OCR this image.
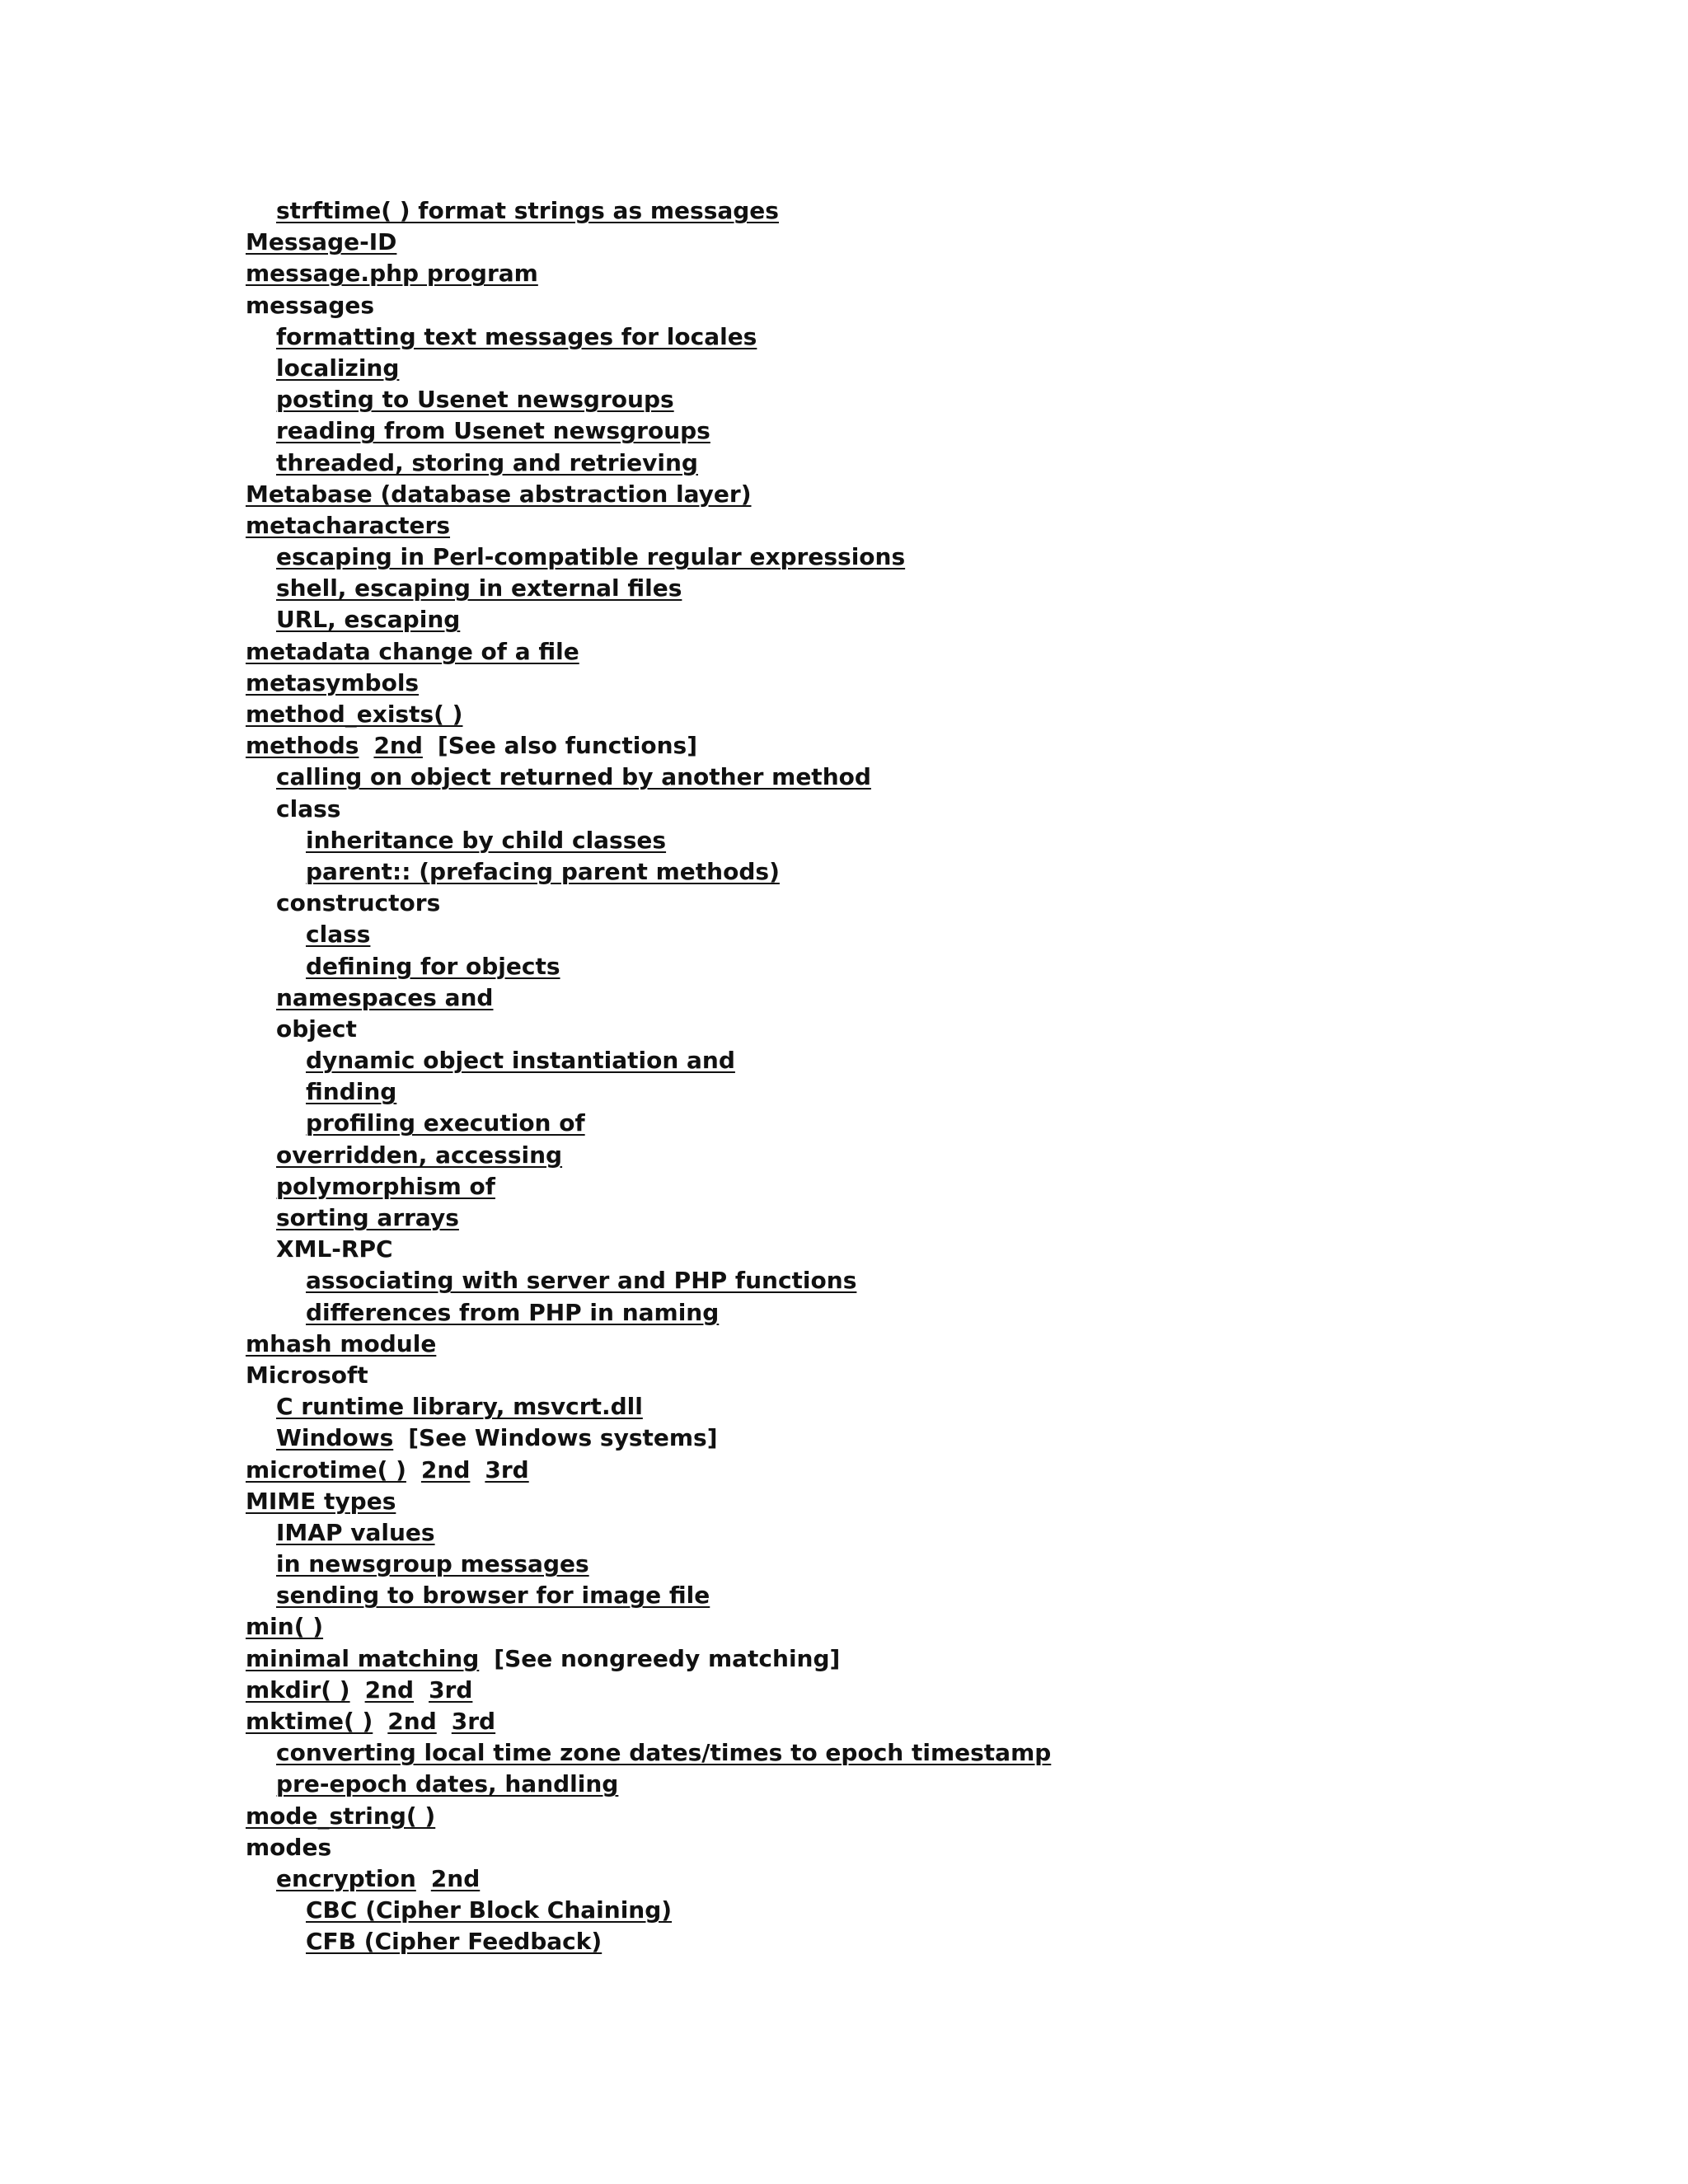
strftime( ) format strings as messages
Message-ID
message.php program
messages
formatting text messages for locales
localizing
posting to Usenet newsgroups
reading from Usenet newsgroups
threaded, storing and retrieving
Metabase (database abstraction layer)
metacharacters
escaping in Perl-compatible regular expressions
shell, escaping in external files
URL, escaping
metadata change of a file
metasymbols
method_exists( )
methods 2nd [See also functions]
calling on object returned by another method
class
inheritance by child classes
parent:: (prefacing parent methods)
constructors
class
defining for objects
namespaces and
object
dynamic object instantiation and
finding
profiling execution of
overridden, accessing
polymorphism of
sorting arrays
XML-RPC
associating with server and PHP functions
differences from PHP in naming
mhash module
Microsoft
C runtime library, msvcrt.dll
Windows [See Windows systems]
microtime( ) 2nd 3rd
MIME types
IMAP values
in newsgroup messages
sending to browser for image file
min( )
minimal matching [See nongreedy matching]
mkdir( ) 2nd 3rd
mktime( ) 2nd 3rd
converting local time zone dates/times to epoch timestamp
pre-epoch dates, handling
mode_string( )
modes
encryption 2nd
CBC (Cipher Block Chaining)
CFB (Cipher Feedback)
